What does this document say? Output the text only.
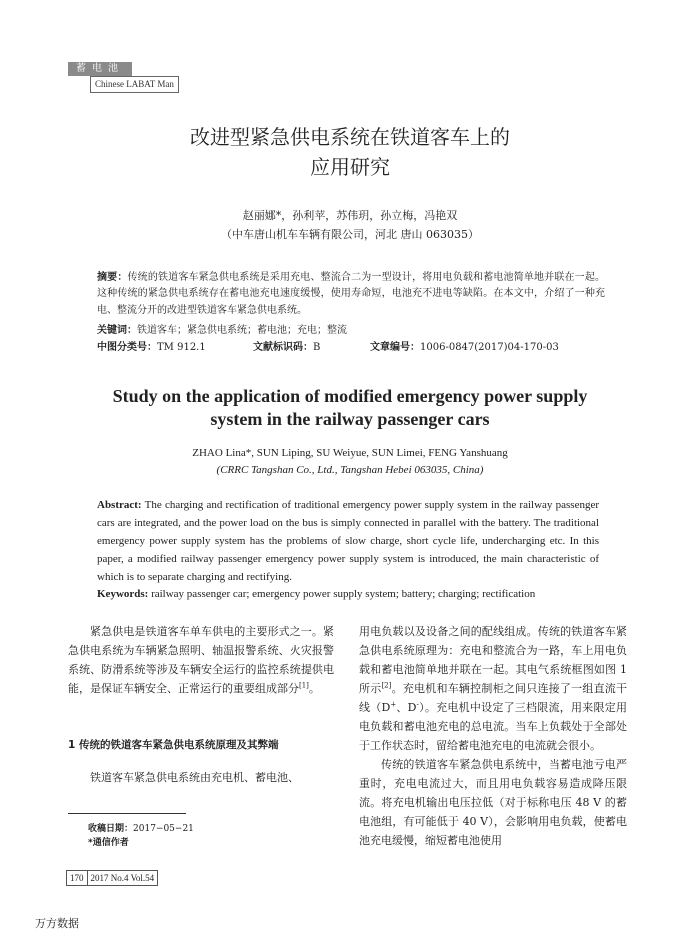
蓄电池
Chinese LABAT Man
改进型紧急供电系统在铁道客车上的
应用研究
赵丽娜*，孙利苹，苏伟玥，孙立梅，冯艳双
（中车唐山机车车辆有限公司，河北 唐山 063035）
摘要：传统的铁道客车紧急供电系统是采用充电、整流合二为一型设计，将用电负载和蓄电池简单地并联在一起。这种传统的紧急供电系统存在蓄电池充电速度缓慢，使用寿命短，电池充不进电等缺陷。在本文中，介绍了一种充电、整流分开的改进型铁道客车紧急供电系统。
关键词：铁道客车；紧急供电系统；蓄电池；充电；整流
中图分类号：TM 912.1	文献标识码：B	文章编号：1006-0847(2017)04-170-03
Study on the application of modified emergency power supply
system in the railway passenger cars
ZHAO Lina*, SUN Liping, SU Weiyue, SUN Limei, FENG Yanshuang
(CRRC Tangshan Co., Ltd., Tangshan Hebei 063035, China)
Abstract: The charging and rectification of traditional emergency power supply system in the railway passenger cars are integrated, and the power load on the bus is simply connected in parallel with the battery. The traditional emergency power supply system has the problems of slow charge, short cycle life, undercharging etc. In this paper, a modified railway passenger emergency power supply system is introduced, the main characteristic of which is to separate charging and rectifying.
Keywords: railway passenger car; emergency power supply system; battery; charging; rectification

紧急供电是铁道客车单车供电的主要形式之一。紧急供电系统为车辆紧急照明、轴温报警系统、火灾报警系统、防滑系统等涉及车辆安全运行的监控系统提供电能，是保证车辆安全、正常运行的重要组成部分[1]。

1 传统的铁道客车紧急供电系统原理及其弊端

铁道客车紧急供电系统由充电机、蓄电池、

收稿日期：2017−05−21
*通信作者

用电负载以及设备之间的配线组成。传统的铁道客车紧急供电系统原理为：充电和整流合为一路，车上用电负载和蓄电池简单地并联在一起。其电气系统框图如图 1 所示[2]。充电机和车辆控制柜之间只连接了一组直流干线（D+、D-）。充电机中设定了三档限流，用来限定用电负载和蓄电池充电的总电流。当车上负载处于全部处于工作状态时，留给蓄电池充电的电流就会很小。

传统的铁道客车紧急供电系统中，当蓄电池亏电严重时，充电电流过大，而且用电负载容易造成降压限流。将充电机输出电压拉低（对于标称电压 48 V 的蓄电池组，有可能低于 40 V），会影响用电负载，使蓄电池充电缓慢，缩短蓄电池使用

170 2017 No.4 Vol.54
万方数据
